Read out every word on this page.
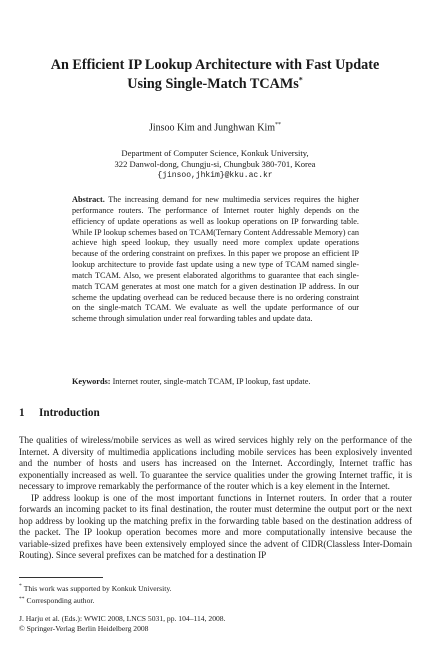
An Efficient IP Lookup Architecture with Fast Update
Using Single-Match TCAMs*
Jinsoo Kim and Junghwan Kim**
Department of Computer Science, Konkuk University,
322 Danwol-dong, Chungju-si, Chungbuk 380-701, Korea
{jinsoo,jhkim}@kku.ac.kr
Abstract. The increasing demand for new multimedia services requires the higher performance routers. The performance of Internet router highly depends on the efficiency of update operations as well as lookup operations on IP forwarding table. While IP lookup schemes based on TCAM(Ternary Content Addressable Memory) can achieve high speed lookup, they usually need more complex update operations because of the ordering constraint on prefixes. In this paper we propose an efficient IP lookup architecture to provide fast update using a new type of TCAM named single-match TCAM. Also, we present elaborated algorithms to guarantee that each single-match TCAM generates at most one match for a given destination IP address. In our scheme the updating overhead can be reduced because there is no ordering constraint on the single-match TCAM. We evaluate as well the update performance of our scheme through simulation under real forwarding tables and update data.
Keywords: Internet router, single-match TCAM, IP lookup, fast update.
1 Introduction

The qualities of wireless/mobile services as well as wired services highly rely on the performance of the Internet. A diversity of multimedia applications including mobile services has been explosively invented and the number of hosts and users has increased on the Internet. Accordingly, Internet traffic has exponentially increased as well. To guarantee the service qualities under the growing Internet traffic, it is necessary to improve remarkably the performance of the router which is a key element in the Internet.

IP address lookup is one of the most important functions in Internet routers. In order that a router forwards an incoming packet to its final destination, the router must determine the output port or the next hop address by looking up the matching prefix in the forwarding table based on the destination address of the packet. The IP lookup operation becomes more and more computationally intensive because the variable-sized prefixes have been extensively employed since the advent of CIDR(Classless Inter-Domain Routing). Since several prefixes can be matched for a destination IP

* This work was supported by Konkuk University.
** Corresponding author.
J. Harju et al. (Eds.): WWIC 2008, LNCS 5031, pp. 104–114, 2008.
© Springer-Verlag Berlin Heidelberg 2008
